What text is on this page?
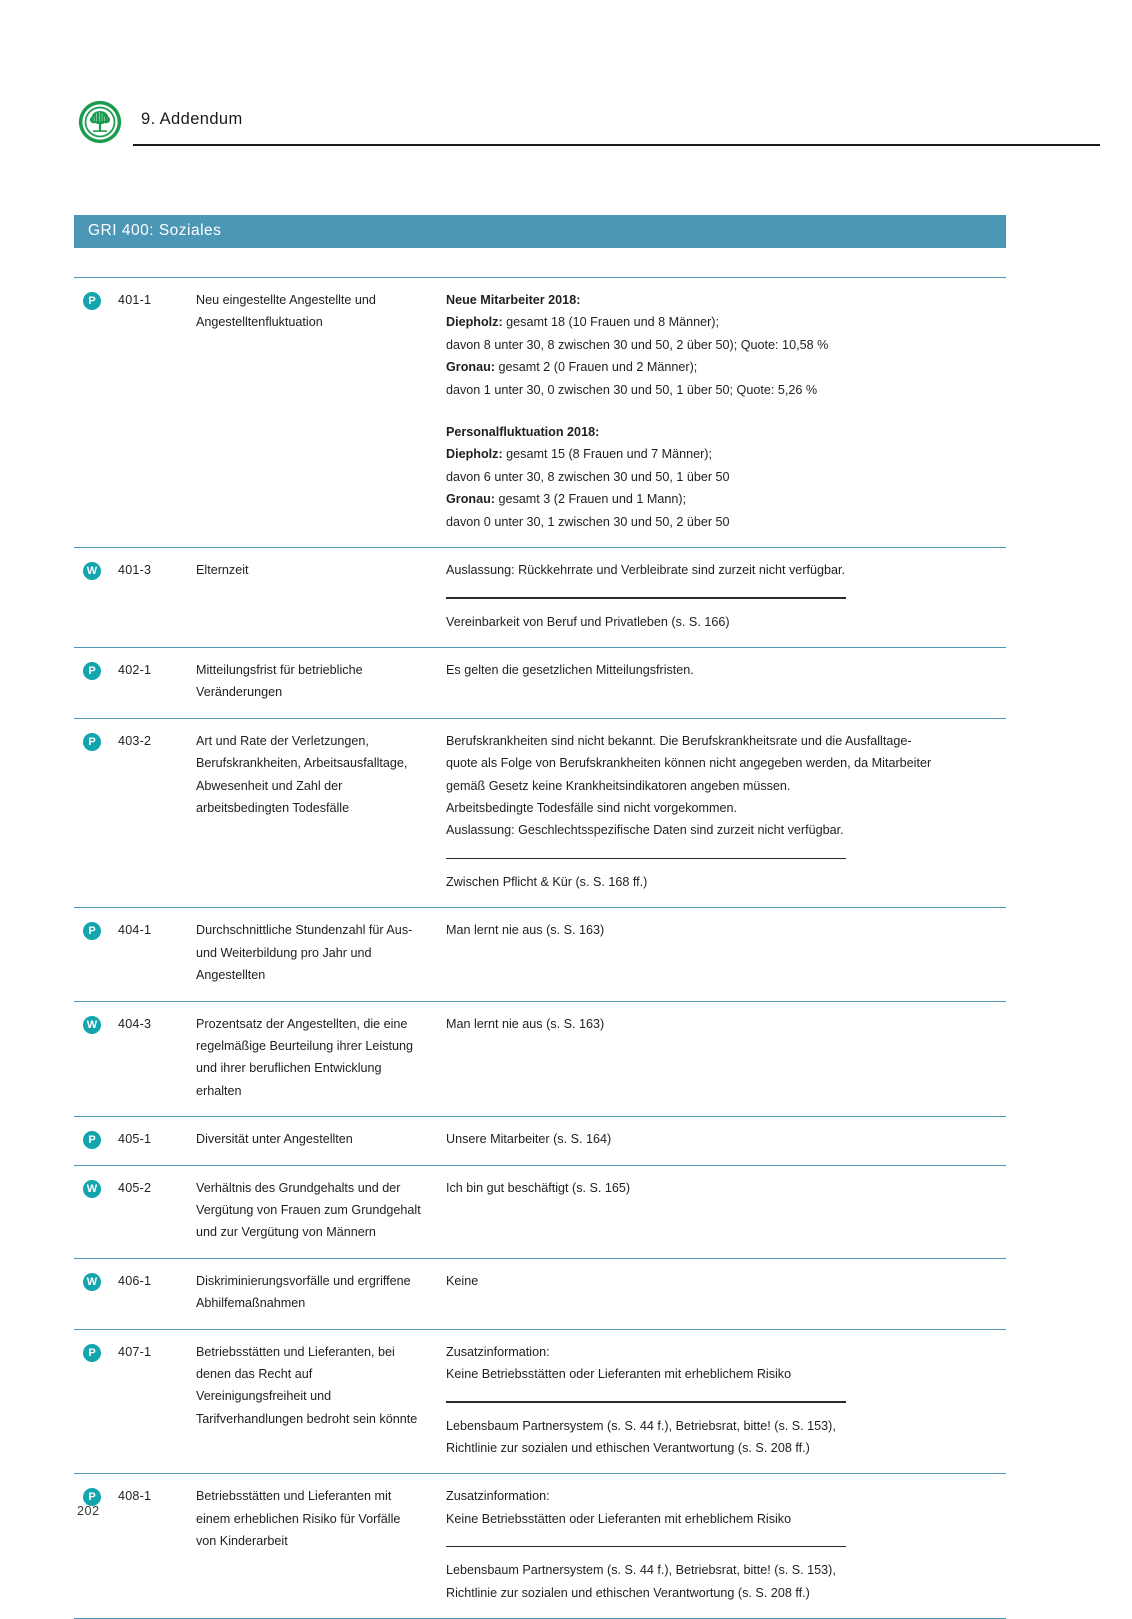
9. Addendum
GRI 400: Soziales
P	401-1	Neu eingestellte Angestellte und Angestelltenfluktuation	
Neue Mitarbeiter 2018:
Diepholz: gesamt 18 (10 Frauen und 8 Männer);
davon 8 unter 30, 8 zwischen 30 und 50, 2 über 50); Quote: 10,58 %
Gronau: gesamt 2 (0 Frauen und 2 Männer);
davon 1 unter 30, 0 zwischen 30 und 50, 1 über 50; Quote: 5,26 %
Personalfluktuation 2018:
Diepholz: gesamt 15 (8 Frauen und 7 Männer);
davon 6 unter 30, 8 zwischen 30 und 50, 1 über 50
Gronau: gesamt 3 (2 Frauen und 1 Mann);
davon 0 unter 30, 1 zwischen 30 und 50, 2 über 50

W	401-3	Elternzeit	Auslassung: Rückkehrrate und Verbleibrate sind zurzeit nicht verfügbar.
Vereinbarkeit von Beruf und Privatleben (s. S. 166)

P	402-1	Mitteilungsfrist für betriebliche Veränderungen	Es gelten die gesetzlichen Mitteilungsfristen.

P	403-2	Art und Rate der Verletzungen, Berufskrankheiten, Arbeitsausfalltage, Abwesenheit und Zahl der arbeitsbedingten Todesfälle	
Berufskrankheiten sind nicht bekannt. Die Berufskrankheitsrate und die Ausfalltage-
quote als Folge von Berufskrankheiten können nicht angegeben werden, da Mitarbeiter
gemäß Gesetz keine Krankheitsindikatoren angeben müssen.
Arbeitsbedingte Todesfälle sind nicht vorgekommen.
Auslassung: Geschlechtsspezifische Daten sind zurzeit nicht verfügbar.
Zwischen Pflicht & Kür (s. S. 168 ff.)

P	404-1	Durchschnittliche Stundenzahl für Aus- und Weiterbildung pro Jahr und Angestellten	Man lernt nie aus (s. S. 163)

W	404-3	Prozentsatz der Angestellten, die eine regelmäßige Beurteilung ihrer Leistung und ihrer beruflichen Entwicklung erhalten	Man lernt nie aus (s. S. 163)

P	405-1	Diversität unter Angestellten	Unsere Mitarbeiter (s. S. 164)

W	405-2	Verhältnis des Grundgehalts und der Vergütung von Frauen zum Grundgehalt und zur Vergütung von Männern	Ich bin gut beschäftigt (s. S. 165)

W	406-1	Diskriminierungsvorfälle und ergriffene Abhilfemaßnahmen	Keine

P	407-1	Betriebsstätten und Lieferanten, bei denen das Recht auf Vereinigungsfreiheit und Tarifverhandlungen bedroht sein könnte	Zusatzinformation:
Keine Betriebsstätten oder Lieferanten mit erheblichem Risiko
Lebensbaum Partnersystem (s. S. 44 f.), Betriebsrat, bitte! (s. S. 153),
Richtlinie zur sozialen und ethischen Verantwortung (s. S. 208 ff.)

P	408-1	Betriebsstätten und Lieferanten mit einem erheblichen Risiko für Vorfälle von Kinderarbeit	Zusatzinformation:
Keine Betriebsstätten oder Lieferanten mit erheblichem Risiko
Lebensbaum Partnersystem (s. S. 44 f.), Betriebsrat, bitte! (s. S. 153),
Richtlinie zur sozialen und ethischen Verantwortung (s. S. 208 ff.)
202
